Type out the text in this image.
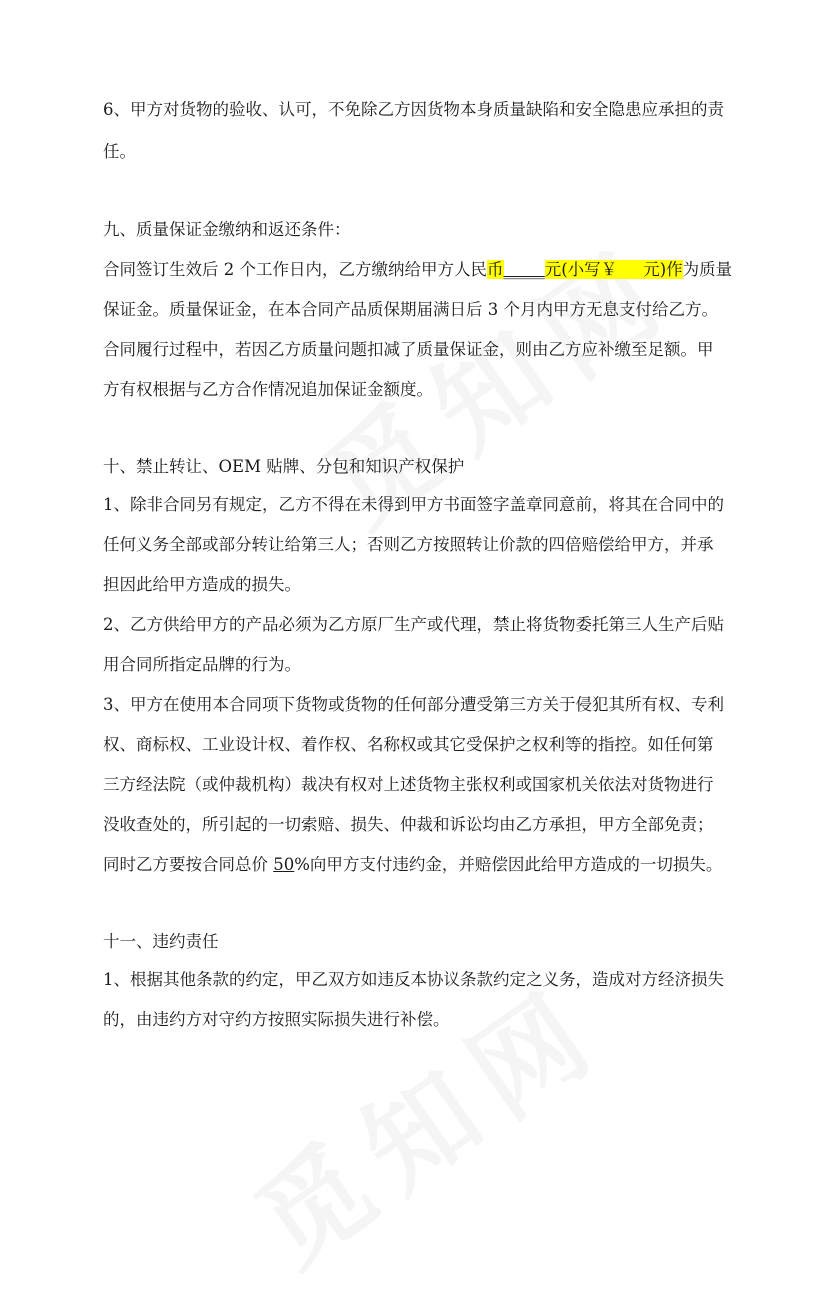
6、甲方对货物的验收、认可，不免除乙方因货物本身质量缺陷和安全隐患应承担的责
任。
九、质量保证金缴纳和返还条件：
合同签订生效后 2 个工作日内，乙方缴纳给甲方人民币_____元(小写￥ 元)作为质量
保证金。质量保证金，在本合同产品质保期届满日后 3 个月内甲方无息支付给乙方。
合同履行过程中，若因乙方质量问题扣减了质量保证金，则由乙方应补缴至足额。甲
方有权根据与乙方合作情况追加保证金额度。
十、禁止转让、OEM 贴牌、分包和知识产权保护
1、除非合同另有规定，乙方不得在未得到甲方书面签字盖章同意前，将其在合同中的
任何义务全部或部分转让给第三人；否则乙方按照转让价款的四倍赔偿给甲方，并承
担因此给甲方造成的损失。
2、乙方供给甲方的产品必须为乙方原厂生产或代理，禁止将货物委托第三人生产后贴
用合同所指定品牌的行为。
3、甲方在使用本合同项下货物或货物的任何部分遭受第三方关于侵犯其所有权、专利
权、商标权、工业设计权、着作权、名称权或其它受保护之权利等的指控。如任何第
三方经法院（或仲裁机构）裁决有权对上述货物主张权利或国家机关依法对货物进行
没收查处的，所引起的一切索赔、损失、仲裁和诉讼均由乙方承担，甲方全部免责；
同时乙方要按合同总价 50%向甲方支付违约金，并赔偿因此给甲方造成的一切损失。
十一、违约责任
1、根据其他条款的约定，甲乙双方如违反本协议条款约定之义务，造成对方经济损失
的，由违约方对守约方按照实际损失进行补偿。
